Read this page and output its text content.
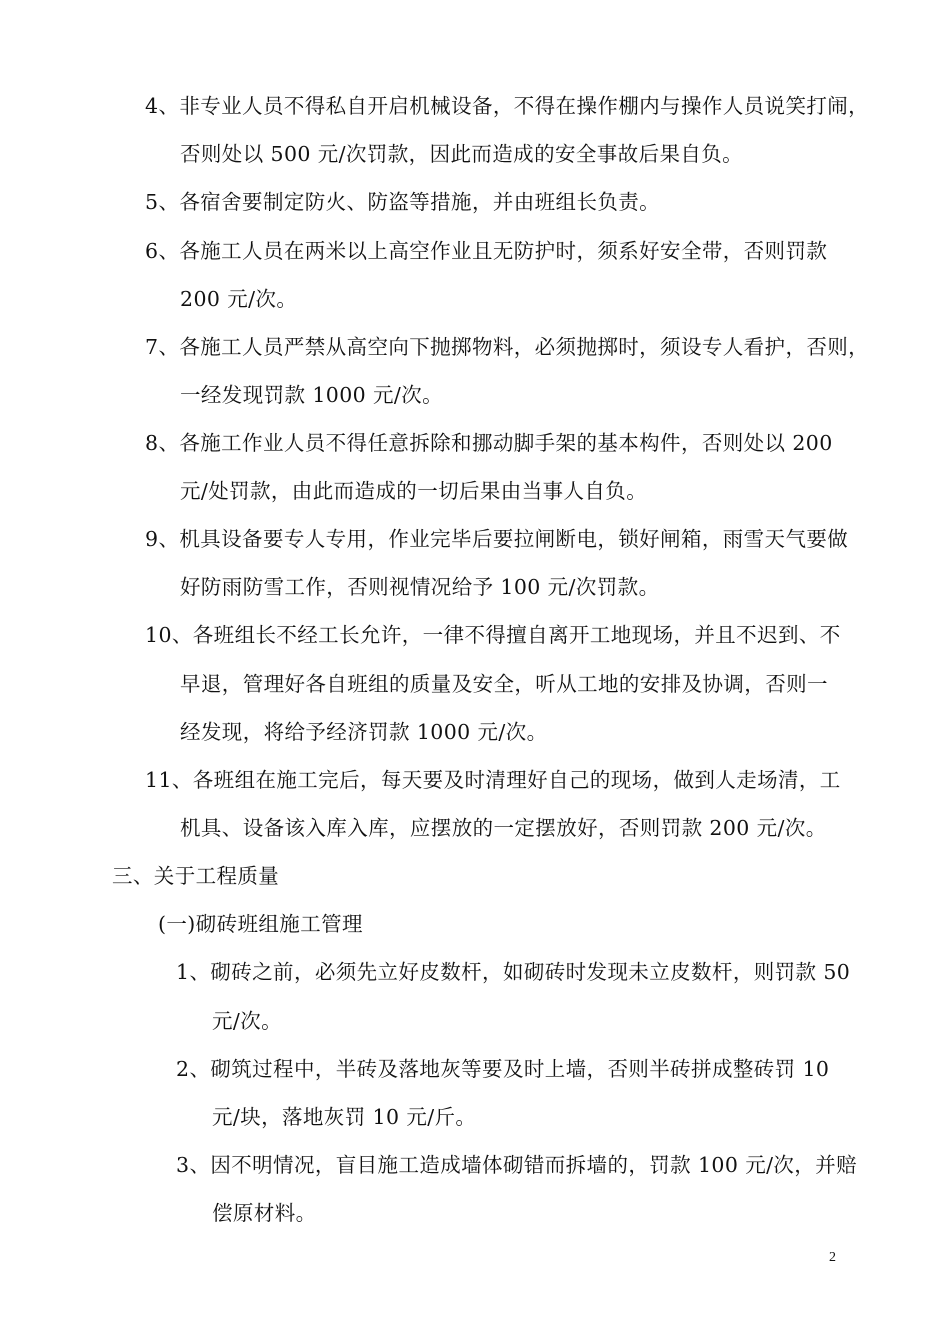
4、非专业人员不得私自开启机械设备，不得在操作棚内与操作人员说笑打闹，
否则处以 500 元/次罚款，因此而造成的安全事故后果自负。
5、各宿舍要制定防火、防盗等措施，并由班组长负责。
6、各施工人员在两米以上高空作业且无防护时，须系好安全带，否则罚款
200 元/次。
7、各施工人员严禁从高空向下抛掷物料，必须抛掷时，须设专人看护，否则，
一经发现罚款 1000 元/次。
8、各施工作业人员不得任意拆除和挪动脚手架的基本构件，否则处以 200
元/处罚款，由此而造成的一切后果由当事人自负。
9、机具设备要专人专用，作业完毕后要拉闸断电，锁好闸箱，雨雪天气要做
好防雨防雪工作，否则视情况给予 100 元/次罚款。
10、各班组长不经工长允许，一律不得擅自离开工地现场，并且不迟到、不
早退，管理好各自班组的质量及安全，听从工地的安排及协调，否则一
经发现，将给予经济罚款 1000 元/次。
11、各班组在施工完后，每天要及时清理好自己的现场，做到人走场清，工
机具、设备该入库入库，应摆放的一定摆放好，否则罚款 200 元/次。
三、关于工程质量
(一)砌砖班组施工管理
1、砌砖之前，必须先立好皮数杆，如砌砖时发现未立皮数杆，则罚款 50
元/次。
2、砌筑过程中，半砖及落地灰等要及时上墙，否则半砖拼成整砖罚 10
元/块，落地灰罚 10 元/斤。
3、因不明情况，盲目施工造成墙体砌错而拆墙的，罚款 100 元/次，并赔
偿原材料。
2
